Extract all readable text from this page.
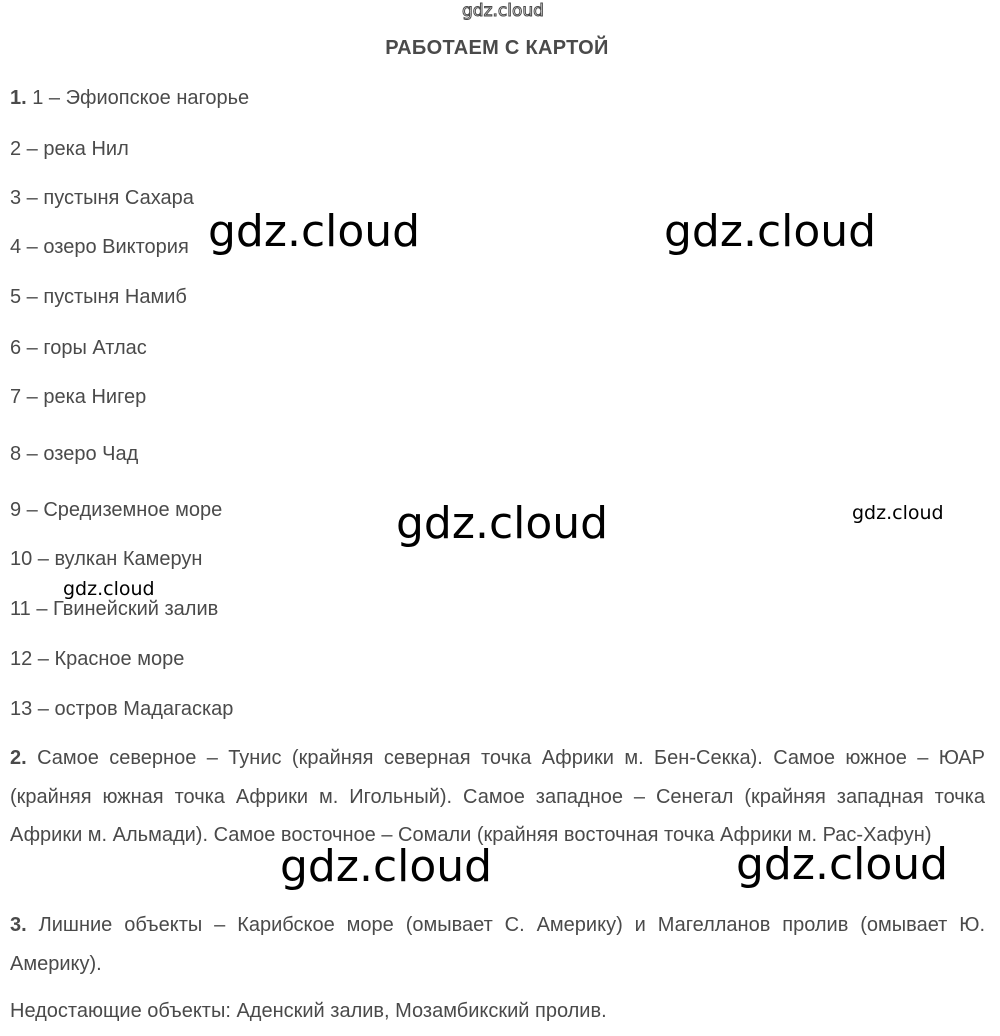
gdz.cloud
РАБОТАЕМ С КАРТОЙ
1. 1 – Эфиопское нагорье
2 – река Нил
3 – пустыня Сахара
4 – озеро Виктория
5 – пустыня Намиб
6 – горы Атлас
7 – река Нигер
8 – озеро Чад
9 – Средиземное море
10 – вулкан Камерун
11 – Гвинейский залив
12 – Красное море
13 – остров Мадагаскар
2. Самое северное – Тунис (крайняя северная точка Африки м. Бен-Секка). Самое южное – ЮАР (крайняя южная точка Африки м. Игольный). Самое западное – Сенегал (крайняя западная точка Африки м. Альмади). Самое восточное – Сомали (крайняя восточная точка Африки м. Рас-Хафун)
3. Лишние объекты – Карибское море (омывает С. Америку) и Магелланов пролив (омывает Ю. Америку).
Недостающие объекты: Аденский залив, Мозамбикский пролив.
gdz.cloud	gdz.cloud
gdz.cloud	gdz.cloud
gdz.cloud
gdz.cloud	gdz.cloud
